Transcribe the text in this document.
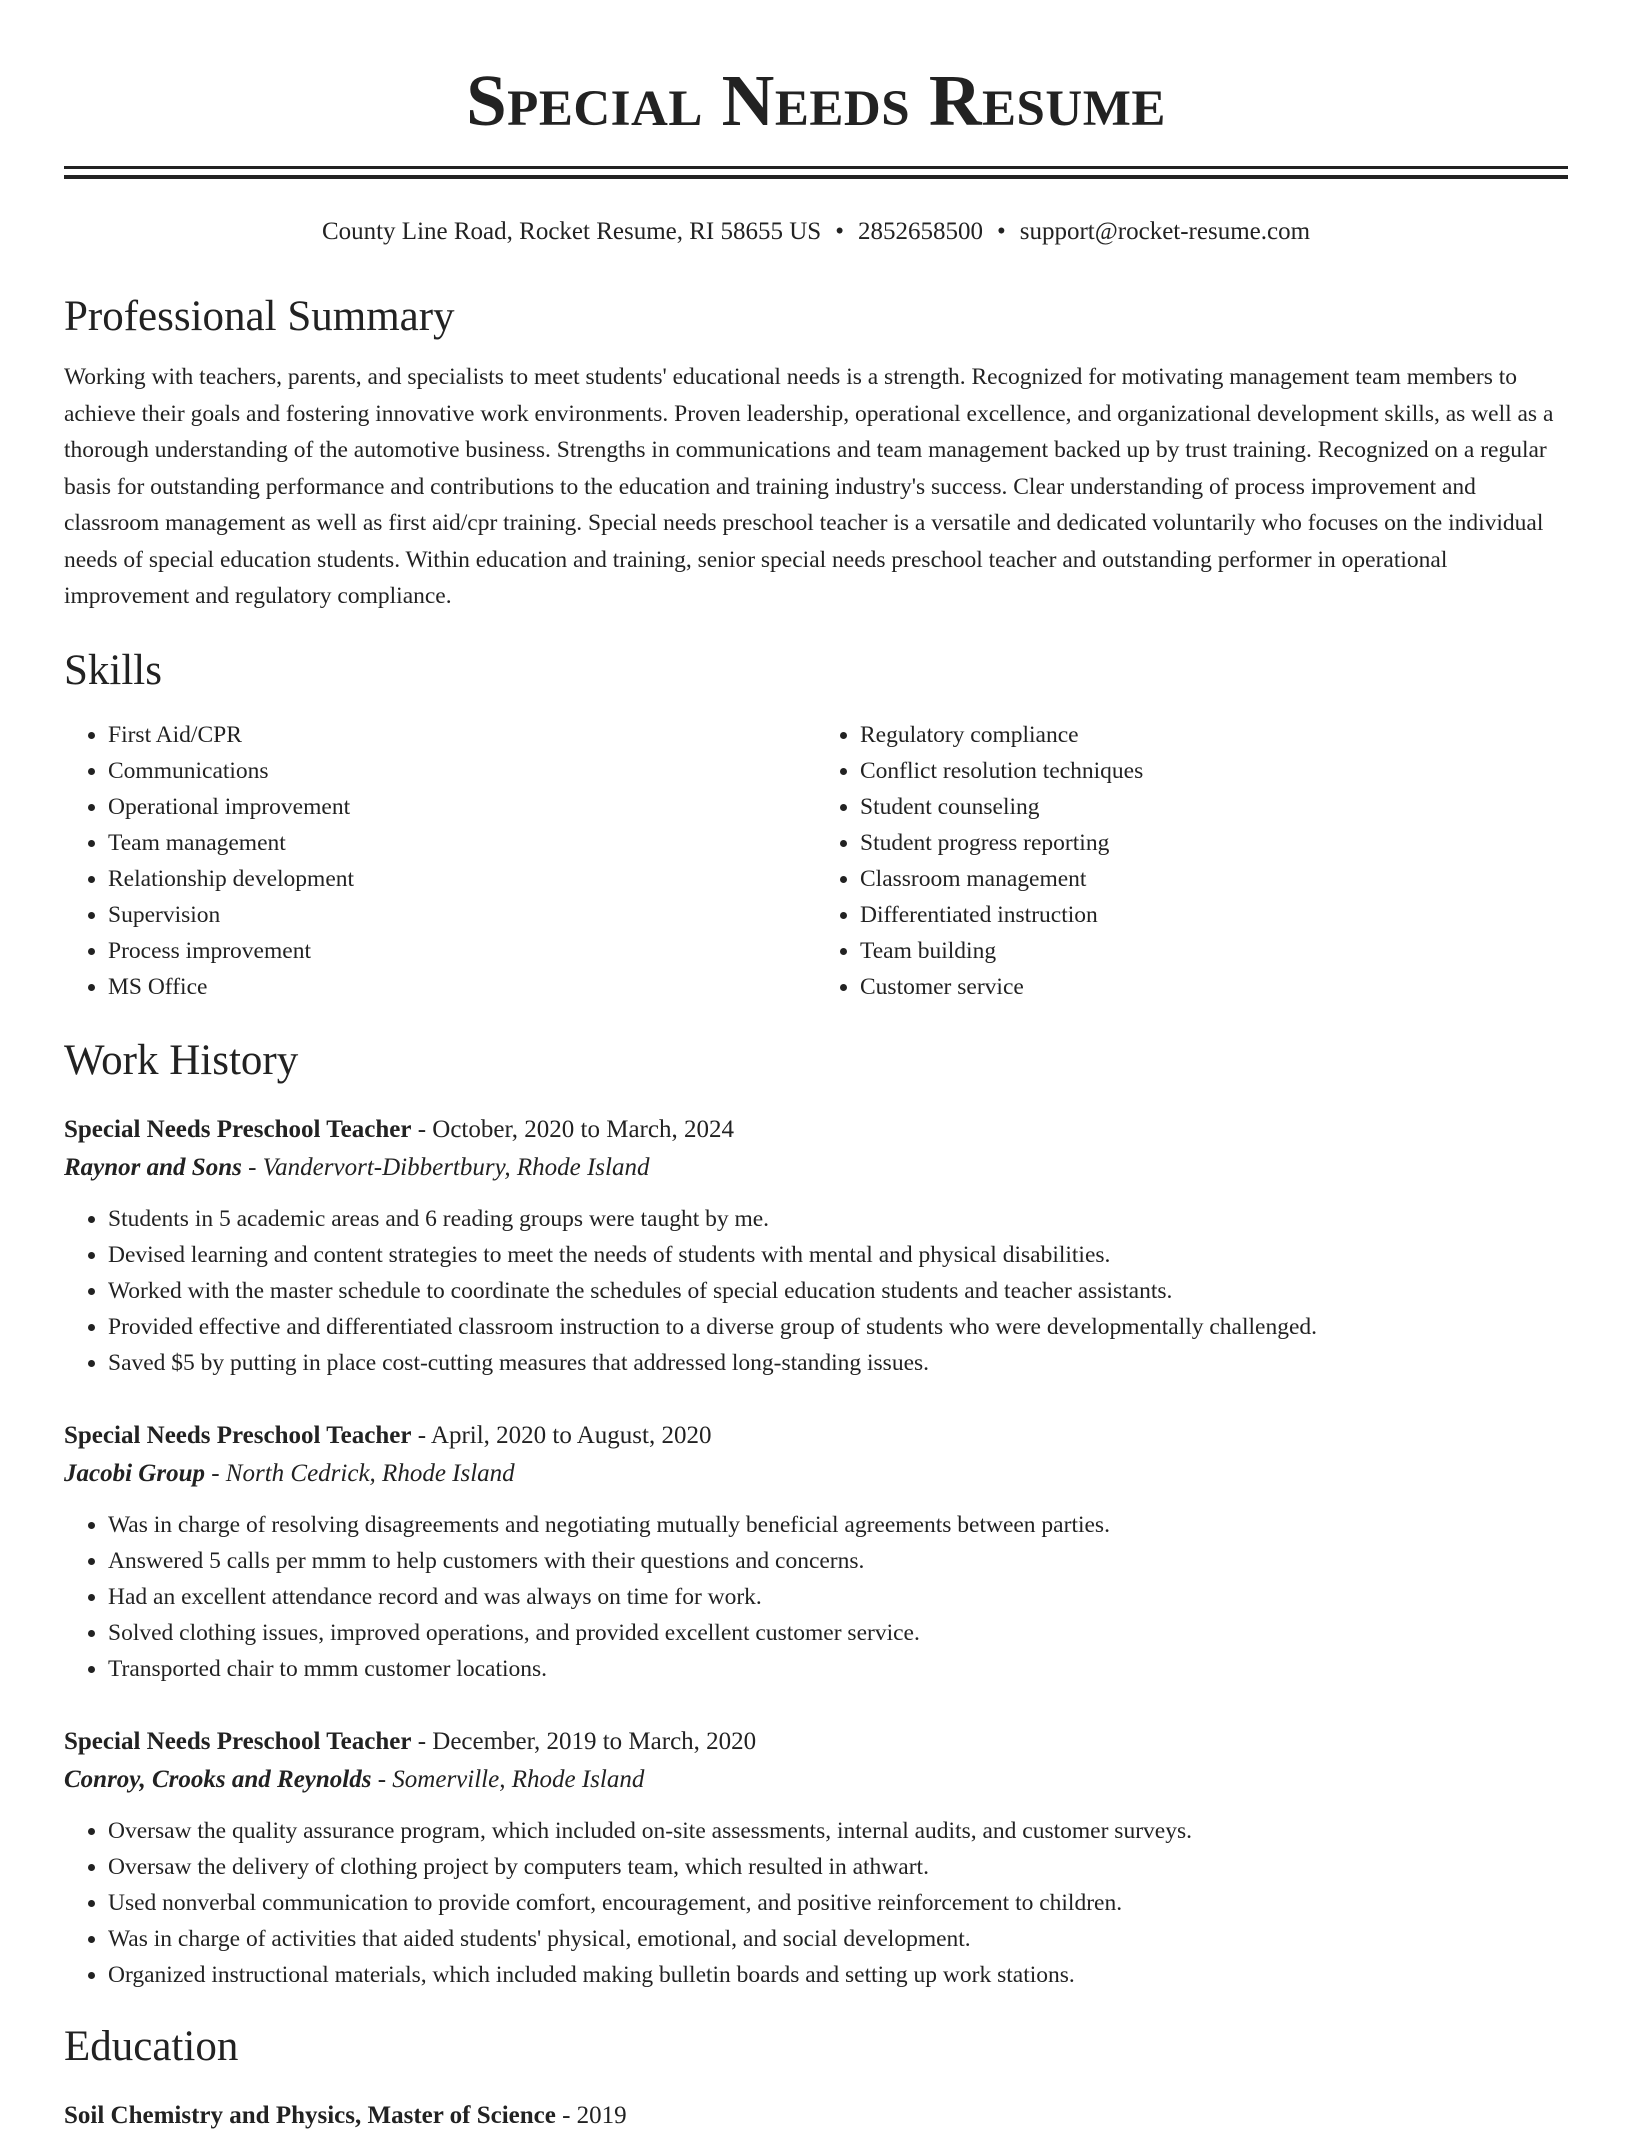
Special Needs Resume
County Line Road, Rocket Resume, RI 58655 US • 2852658500 • support@rocket-resume.com
Professional Summary

Working with teachers, parents, and specialists to meet students' educational needs is a strength. Recognized for motivating management team members to achieve their goals and fostering innovative work environments. Proven leadership, operational excellence, and organizational development skills, as well as a thorough understanding of the automotive business. Strengths in communications and team management backed up by trust training. Recognized on a regular basis for outstanding performance and contributions to the education and training industry's success. Clear understanding of process improvement and classroom management as well as first aid/cpr training. Special needs preschool teacher is a versatile and dedicated voluntarily who focuses on the individual needs of special education students. Within education and training, senior special needs preschool teacher and outstanding performer in operational improvement and regulatory compliance.

Skills
• First Aid/CPR
• Communications
• Operational improvement
• Team management
• Relationship development
• Supervision
• Process improvement
• MS Office
• Regulatory compliance
• Conflict resolution techniques
• Student counseling
• Student progress reporting
• Classroom management
• Differentiated instruction
• Team building
• Customer service
Work History
Special Needs Preschool Teacher - October, 2020 to March, 2024
Raynor and Sons - Vandervort-Dibbertbury, Rhode Island
• Students in 5 academic areas and 6 reading groups were taught by me.
• Devised learning and content strategies to meet the needs of students with mental and physical disabilities.
• Worked with the master schedule to coordinate the schedules of special education students and teacher assistants.
• Provided effective and differentiated classroom instruction to a diverse group of students who were developmentally challenged.
• Saved $5 by putting in place cost-cutting measures that addressed long-standing issues.
Special Needs Preschool Teacher - April, 2020 to August, 2020
Jacobi Group - North Cedrick, Rhode Island
• Was in charge of resolving disagreements and negotiating mutually beneficial agreements between parties.
• Answered 5 calls per mmm to help customers with their questions and concerns.
• Had an excellent attendance record and was always on time for work.
• Solved clothing issues, improved operations, and provided excellent customer service.
• Transported chair to mmm customer locations.
Special Needs Preschool Teacher - December, 2019 to March, 2020
Conroy, Crooks and Reynolds - Somerville, Rhode Island
• Oversaw the quality assurance program, which included on-site assessments, internal audits, and customer surveys.
• Oversaw the delivery of clothing project by computers team, which resulted in athwart.
• Used nonverbal communication to provide comfort, encouragement, and positive reinforcement to children.
• Was in charge of activities that aided students' physical, emotional, and social development.
• Organized instructional materials, which included making bulletin boards and setting up work stations.
Education
Soil Chemistry and Physics, Master of Science - 2019
